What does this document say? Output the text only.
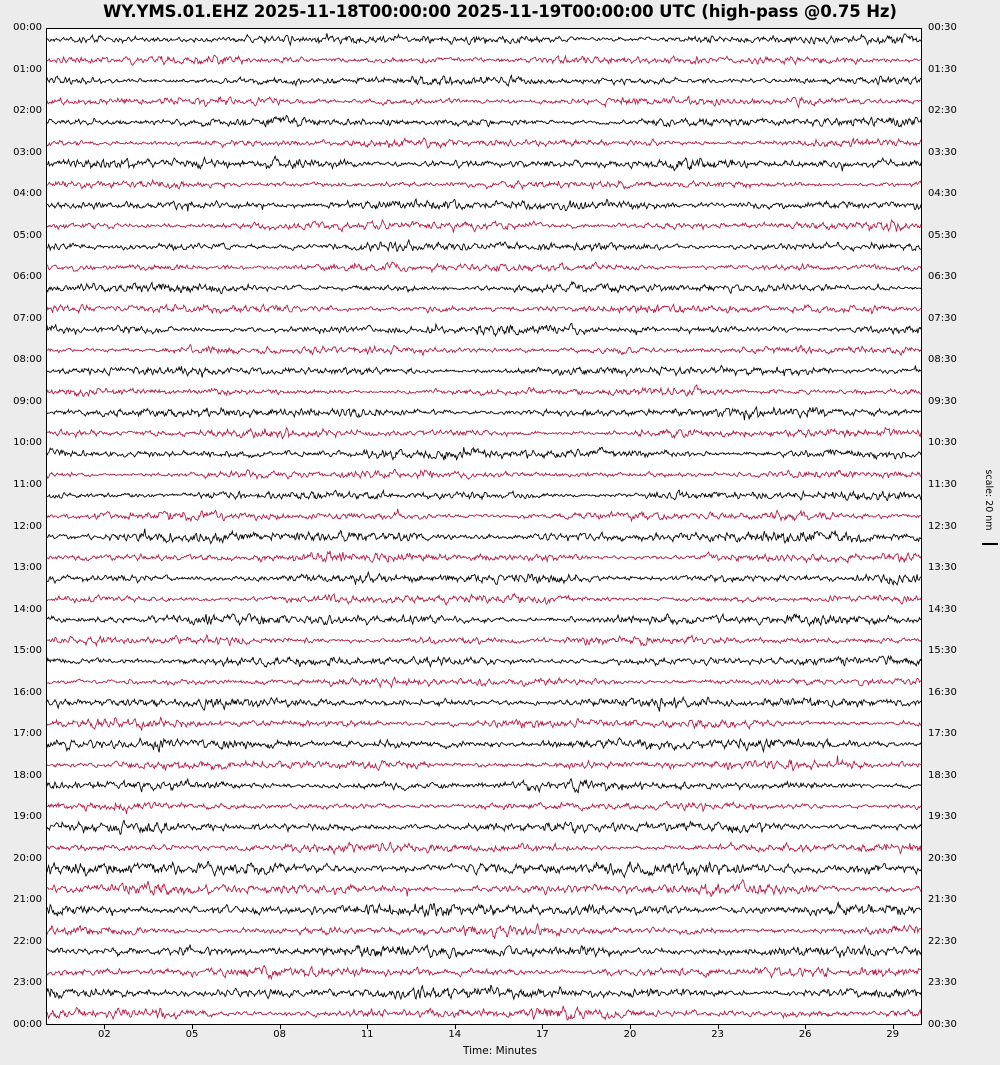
WY.YMS.01.EHZ 2025-11-18T00:00:00 2025-11-19T00:00:00 UTC (high-pass @0.75 Hz)
00:00	00:30
01:00	01:30
02:00	02:30
03:00	03:30
04:00	04:30
05:00	05:30
06:00	06:30
07:00	07:30
08:00	08:30
09:00	09:30
10:00	10:30
11:00	11:30
12:00	12:30
13:00	13:30
14:00	14:30
15:00	15:30
16:00	16:30
17:00	17:30
18:00	18:30
19:00	19:30
20:00	20:30
21:00	21:30
22:00	22:30
23:00	23:30
00:00	00:30
02	05	08	11	14	17	20	23	26	29
Time: Minutes
scale: 20 nm
